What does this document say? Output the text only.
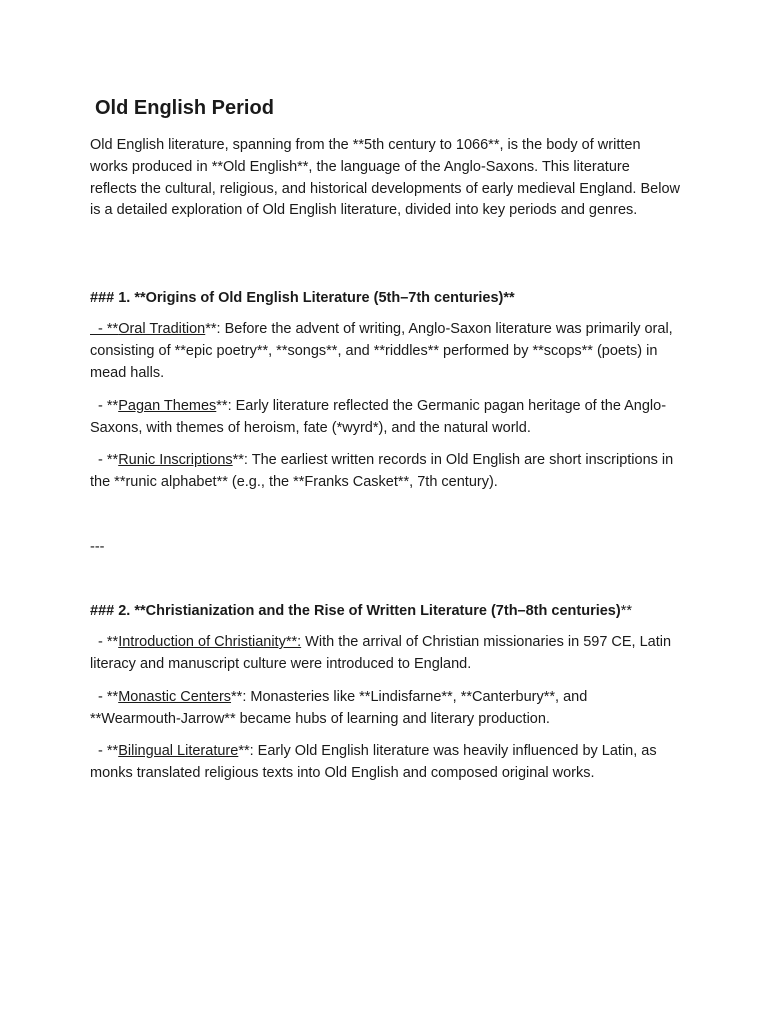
Old English Period

Old English literature, spanning from the **5th century to 1066**, is the body of written works produced in **Old English**, the language of the Anglo-Saxons. This literature reflects the cultural, religious, and historical developments of early medieval England. Below is a detailed exploration of Old English literature, divided into key periods and genres.

### 1. **Origins of Old English Literature (5th–7th centuries)**

- **Oral Tradition**: Before the advent of writing, Anglo-Saxon literature was primarily oral, consisting of **epic poetry**, **songs**, and **riddles** performed by **scops** (poets) in mead halls.

- **Pagan Themes**: Early literature reflected the Germanic pagan heritage of the Anglo-Saxons, with themes of heroism, fate (*wyrd*), and the natural world.

- **Runic Inscriptions**: The earliest written records in Old English are short inscriptions in the **runic alphabet** (e.g., the **Franks Casket**, 7th century).

---

### 2. **Christianization and the Rise of Written Literature (7th–8th centuries)**

- **Introduction of Christianity**: With the arrival of Christian missionaries in 597 CE, Latin literacy and manuscript culture were introduced to England.

- **Monastic Centers**: Monasteries like **Lindisfarne**, **Canterbury**, and **Wearmouth-Jarrow** became hubs of learning and literary production.

- **Bilingual Literature**: Early Old English literature was heavily influenced by Latin, as monks translated religious texts into Old English and composed original works.
